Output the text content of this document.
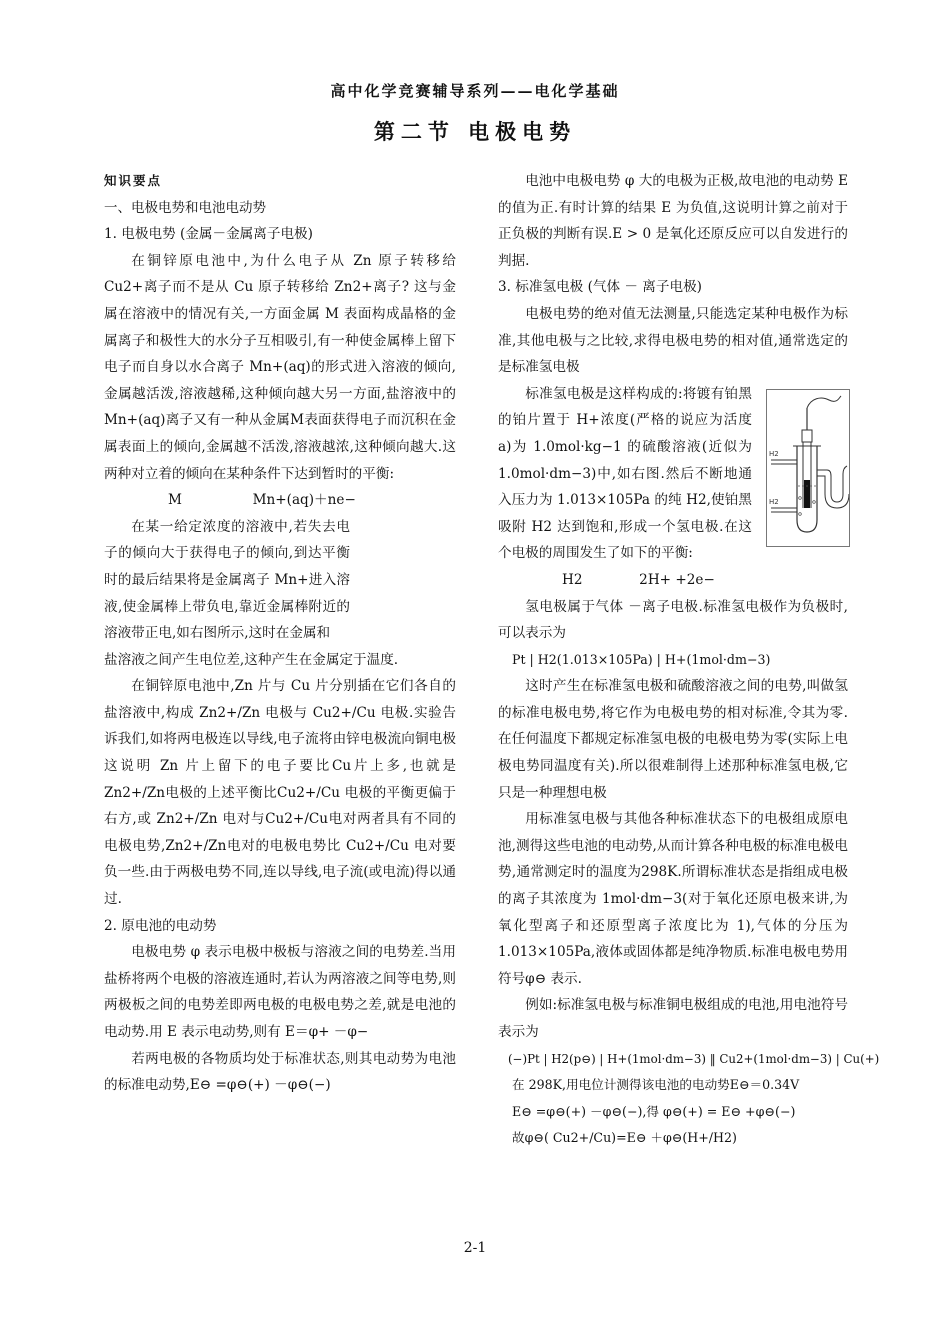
高中化学竞赛辅导系列——电化学基础
第二节 电极电势

知识要点

一、电极电势和电池电动势

1. 电极电势 (金属－金属离子电极)

在铜锌原电池中,为什么电子从 Zn 原子转移给 Cu2+离子而不是从 Cu 原子转移给 Zn2+离子? 这与金属在溶液中的情况有关,一方面金属 M 表面构成晶格的金属离子和极性大的水分子互相吸引,有一种使金属棒上留下电子而自身以水合离子 Mn+(aq)的形式进入溶液的倾向,金属越活泼,溶液越稀,这种倾向越大另一方面,盐溶液中的Mn+(aq)离子又有一种从金属M表面获得电子而沉积在金属表面上的倾向,金属越不活泼,溶液越浓,这种倾向越大.这两种对立着的倾向在某种条件下达到暂时的平衡:

M	Mn+(aq)＋ne−

在某一给定浓度的溶液中,若失去电子的倾向大于获得电子的倾向,到达平衡时的最后结果将是金属离子 Mn+进入溶液,使金属棒上带负电,靠近金属棒附近的溶液带正电,如右图所示,这时在金属和

盐溶液之间产生电位差,这种产生在金属定于温度.

在铜锌原电池中,Zn 片与 Cu 片分别插在它们各自的盐溶液中,构成 Zn2+/Zn 电极与 Cu2+/Cu 电极.实验告诉我们,如将两电极连以导线,电子流将由锌电极流向铜电极这说明 Zn 片上留下的电子要比Cu片上多,也就是Zn2+/Zn电极的上述平衡比Cu2+/Cu 电极的平衡更偏于右方,或 Zn2+/Zn 电对与Cu2+/Cu电对两者具有不同的电极电势,Zn2+/Zn电对的电极电势比 Cu2+/Cu 电对要负一些.由于两极电势不同,连以导线,电子流(或电流)得以通过.

2. 原电池的电动势

电极电势 φ 表示电极中极板与溶液之间的电势差.当用盐桥将两个电极的溶液连通时,若认为两溶液之间等电势,则两极板之间的电势差即两电极的电极电势之差,就是电池的电动势.用 E 表示电动势,则有 E＝φ+ －φ−

若两电极的各物质均处于标准状态,则其电动势为电池的标准电动势,E⊖ =φ⊖(+) －φ⊖(−)

电池中电极电势 φ 大的电极为正极,故电池的电动势 E 的值为正.有时计算的结果 E 为负值,这说明计算之前对于正负极的判断有误.E > 0 是氧化还原反应可以自发进行的判据.

3. 标准氢电极 (气体 － 离子电极)

电极电势的绝对值无法测量,只能选定某种电极作为标准,其他电极与之比较,求得电极电势的相对值,通常选定的是标准氢电极

标准氢电极是这样构成的:将镀有铂黑的铂片置于 H+浓度(严格的说应为活度 a)为 1.0mol·kg−1 的硫酸溶液(近似为1.0mol·dm−3)中,如右图.然后不断地通入压力为 1.013×105Pa 的纯 H2,使铂黑吸附 H2 达到饱和,形成一个氢电极.在这个电极的周围发生了如下的平衡:

H2	2H+ +2e−

氢电极属于气体 －离子电极.标准氢电极作为负极时,可以表示为

Pt | H2(1.013×105Pa) | H+(1mol·dm−3)

这时产生在标准氢电极和硫酸溶液之间的电势,叫做氢的标准电极电势,将它作为电极电势的相对标准,令其为零.在任何温度下都规定标准氢电极的电极电势为零(实际上电极电势同温度有关).所以很难制得上述那种标准氢电极,它只是一种理想电极

用标准氢电极与其他各种标准状态下的电极组成原电池,测得这些电池的电动势,从而计算各种电极的标准电极电势,通常测定时的温度为298K.所谓标准状态是指组成电极的离子其浓度为 1mol·dm−3(对于氧化还原电极来讲,为氧化型离子和还原型离子浓度比为 1),气体的分压为1.013×105Pa,液体或固体都是纯净物质.标准电极电势用符号φ⊖ 表示.

例如:标准氢电极与标准铜电极组成的电池,用电池符号表示为

(−)Pt | H2(p⊖) | H+(1mol·dm−3) ‖ Cu2+(1mol·dm−3) | Cu(+)

在 298K,用电位计测得该电池的电动势E⊖＝0.34V

E⊖ =φ⊖(+) －φ⊖(−),得 φ⊖(+) = E⊖ +φ⊖(−)

故φ⊖( Cu2+/Cu)=E⊖ ＋φ⊖(H+/H2)

H2
H2
2-1
